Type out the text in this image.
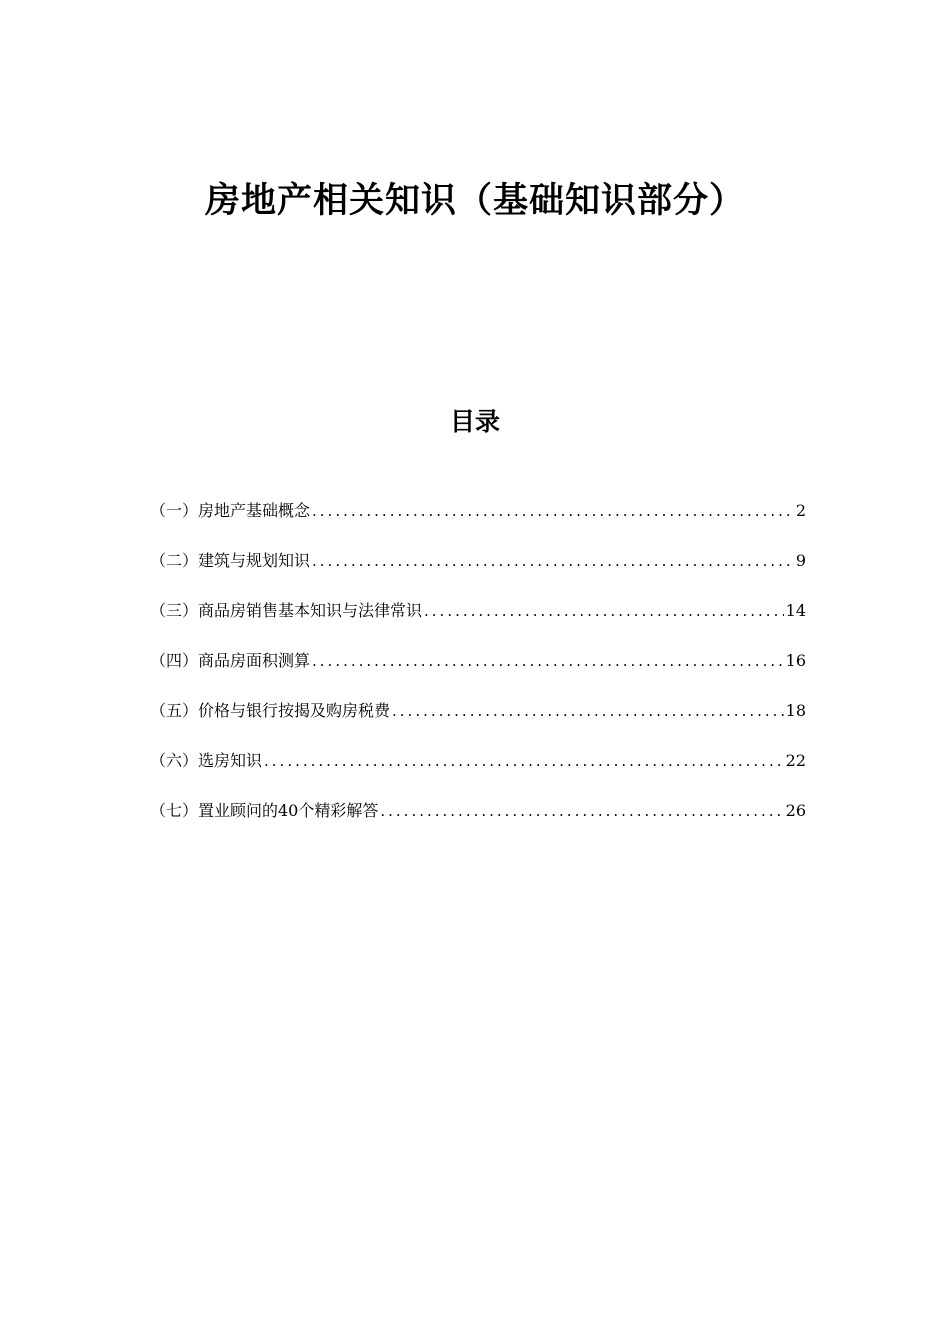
房地产相关知识（基础知识部分）
目录
（一）房地产基础概念 .....	2
（二）建筑与规划知识 .....	9
（三）商品房销售基本知识与法律常识 .....	14
（四）商品房面积测算 .....	16
（五）价格与银行按揭及购房税费 .....	18
（六）选房知识 .....	22
（七）置业顾问的40个精彩解答 .....	26
